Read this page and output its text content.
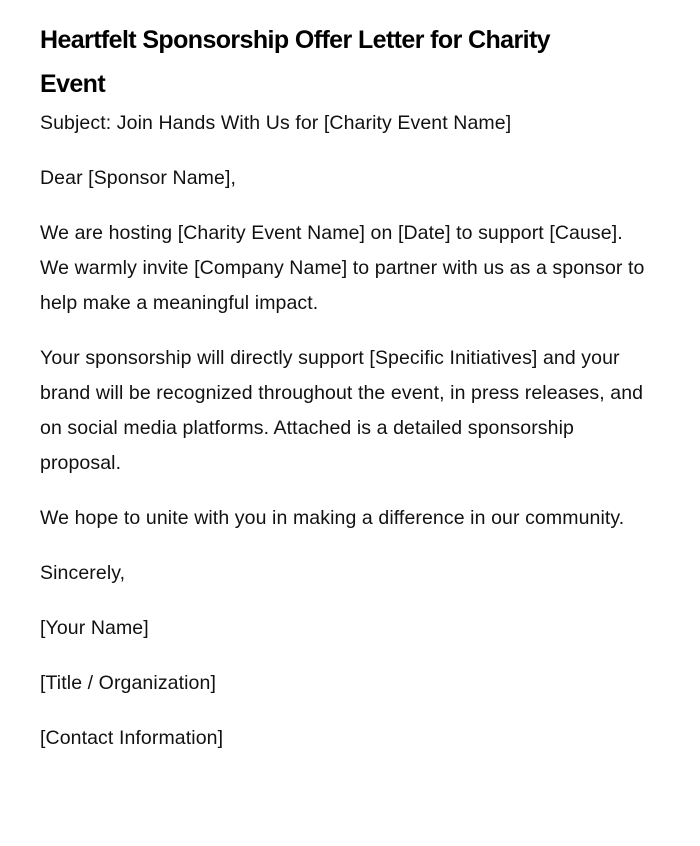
Heartfelt Sponsorship Offer Letter for Charity Event

Subject: Join Hands With Us for [Charity Event Name]

Dear [Sponsor Name],

We are hosting [Charity Event Name] on [Date] to support [Cause]. We warmly invite [Company Name] to partner with us as a sponsor to help make a meaningful impact.

Your sponsorship will directly support [Specific Initiatives] and your brand will be recognized throughout the event, in press releases, and on social media platforms. Attached is a detailed sponsorship proposal.

We hope to unite with you in making a difference in our community.

Sincerely,

[Your Name]

[Title / Organization]

[Contact Information]
